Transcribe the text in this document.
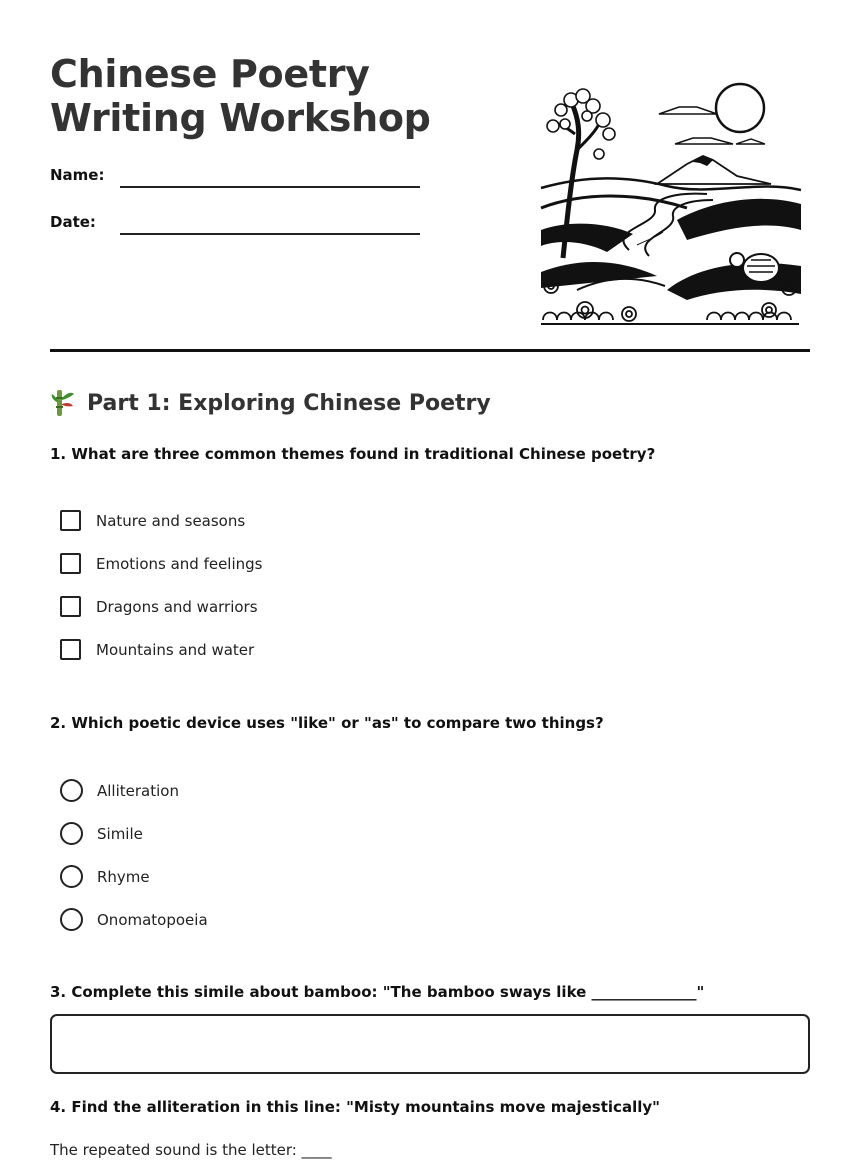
Chinese Poetry Writing Workshop
Name:
Date:
Part 1: Exploring Chinese Poetry

1. What are three common themes found in traditional Chinese poetry?

Nature and seasons
Emotions and feelings
Dragons and warriors
Mountains and water

2. Which poetic device uses "like" or "as" to compare two things?

Alliteration
Simile
Rhyme
Onomatopoeia

3. Complete this simile about bamboo: "The bamboo sways like ______________"

4. Find the alliteration in this line: "Misty mountains move majestically"

The repeated sound is the letter: ____
